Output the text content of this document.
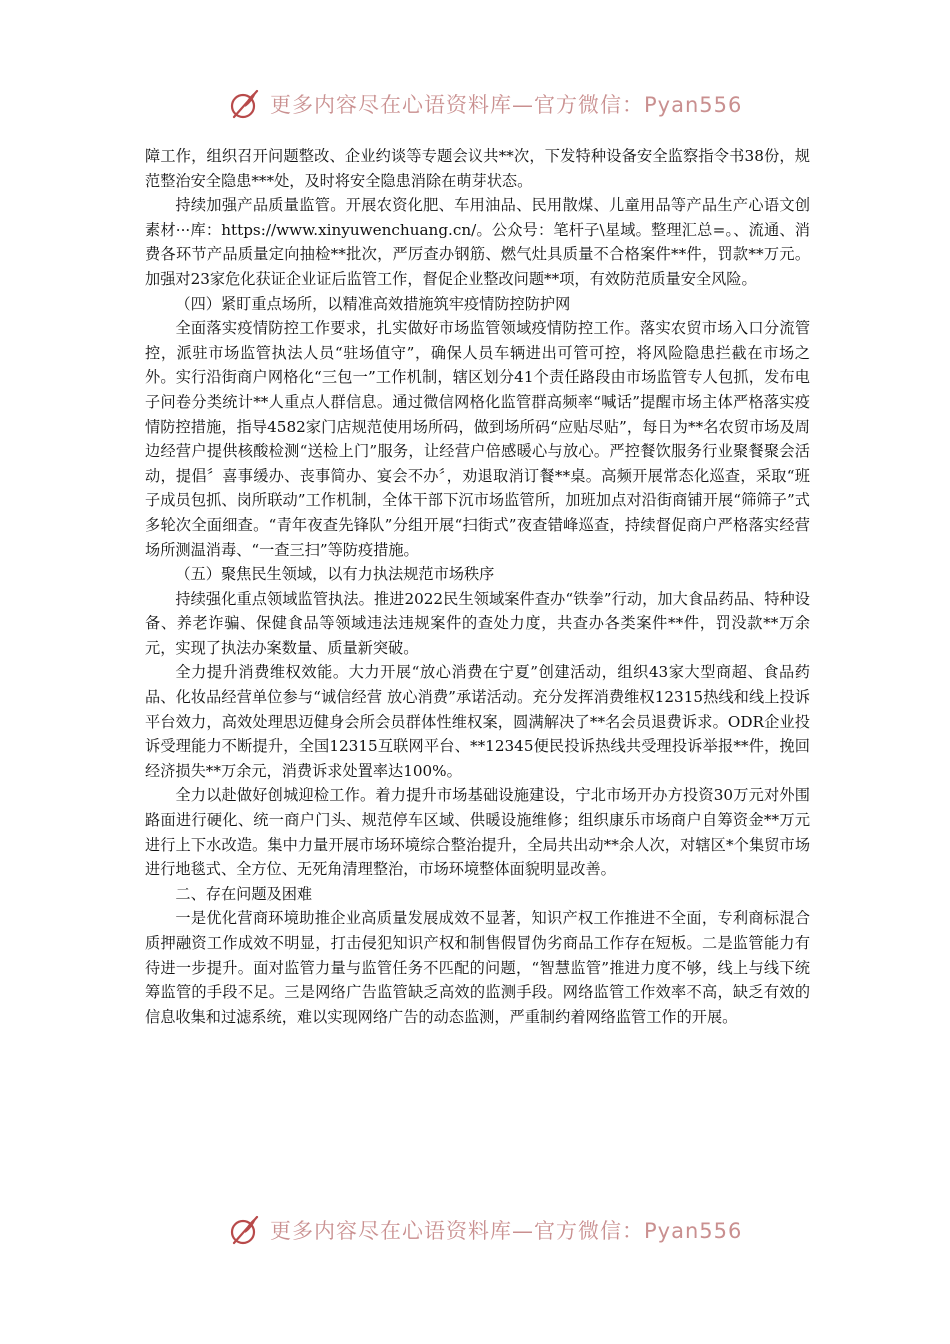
更多内容尽在心语资料库—官方微信：Pyan556

障工作，组织召开问题整改、企业约谈等专题会议共**次，下发特种设备安全监察指令书38份，规范整治安全隐患***处，及时将安全隐患消除在萌芽状态。

持续加强产品质量监管。开展农资化肥、车用油品、民用散煤、儿童用品等产品生产心语文创素材···库：https://www.xinyuwenchuang.cn/。公众号：笔杆子\星域。整理汇总=。、流通、消费各环节产品质量定向抽检**批次，严厉查办钢筋、燃气灶具质量不合格案件**件，罚款**万元。加强对23家危化获证企业证后监管工作，督促企业整改问题**项，有效防范质量安全风险。

（四）紧盯重点场所，以精准高效措施筑牢疫情防控防护网

全面落实疫情防控工作要求，扎实做好市场监管领域疫情防控工作。落实农贸市场入口分流管控，派驻市场监管执法人员“驻场值守”，确保人员车辆进出可管可控，将风险隐患拦截在市场之外。实行沿街商户网格化“三包一”工作机制，辖区划分41个责任路段由市场监管专人包抓，发布电子问卷分类统计**人重点人群信息。通过微信网格化监管群高频率“喊话”提醒市场主体严格落实疫情防控措施，指导4582家门店规范使用场所码，做到场所码“应贴尽贴”，每日为**名农贸市场及周边经营户提供核酸检测“送检上门”服务，让经营户倍感暖心与放心。严控餐饮服务行业聚餐聚会活动，提倡〞喜事缓办、丧事简办、宴会不办〞，劝退取消订餐**桌。高频开展常态化巡查，采取“班子成员包抓、岗所联动”工作机制，全体干部下沉市场监管所，加班加点对沿街商铺开展“筛筛子”式多轮次全面细查。“青年夜查先锋队”分组开展“扫街式”夜查错峰巡查，持续督促商户严格落实经营场所测温消毒、“一查三扫”等防疫措施。

（五）聚焦民生领域，以有力执法规范市场秩序

持续强化重点领域监管执法。推进2022民生领域案件查办“铁拳”行动，加大食品药品、特种设备、养老诈骗、保健食品等领域违法违规案件的查处力度，共查办各类案件**件，罚没款**万余元，实现了执法办案数量、质量新突破。

全力提升消费维权效能。大力开展“放心消费在宁夏”创建活动，组织43家大型商超、食品药品、化妆品经营单位参与“诚信经营 放心消费”承诺活动。充分发挥消费维权12315热线和线上投诉平台效力，高效处理思迈健身会所会员群体性维权案，圆满解决了**名会员退费诉求。ODR企业投诉受理能力不断提升，全国12315互联网平台、**12345便民投诉热线共受理投诉举报**件，挽回经济损失**万余元，消费诉求处置率达100%。

全力以赴做好创城迎检工作。着力提升市场基础设施建设，宁北市场开办方投资30万元对外围路面进行硬化、统一商户门头、规范停车区域、供暖设施维修；组织康乐市场商户自筹资金**万元进行上下水改造。集中力量开展市场环境综合整治提升，全局共出动**余人次，对辖区*个集贸市场进行地毯式、全方位、无死角清理整治，市场环境整体面貌明显改善。

二、存在问题及困难

一是优化营商环境助推企业高质量发展成效不显著，知识产权工作推进不全面，专利商标混合质押融资工作成效不明显，打击侵犯知识产权和制售假冒伪劣商品工作存在短板。二是监管能力有待进一步提升。面对监管力量与监管任务不匹配的问题，“智慧监管”推进力度不够，线上与线下统筹监管的手段不足。三是网络广告监管缺乏高效的监测手段。网络监管工作效率不高，缺乏有效的信息收集和过滤系统，难以实现网络广告的动态监测，严重制约着网络监管工作的开展。

更多内容尽在心语资料库—官方微信：Pyan556
